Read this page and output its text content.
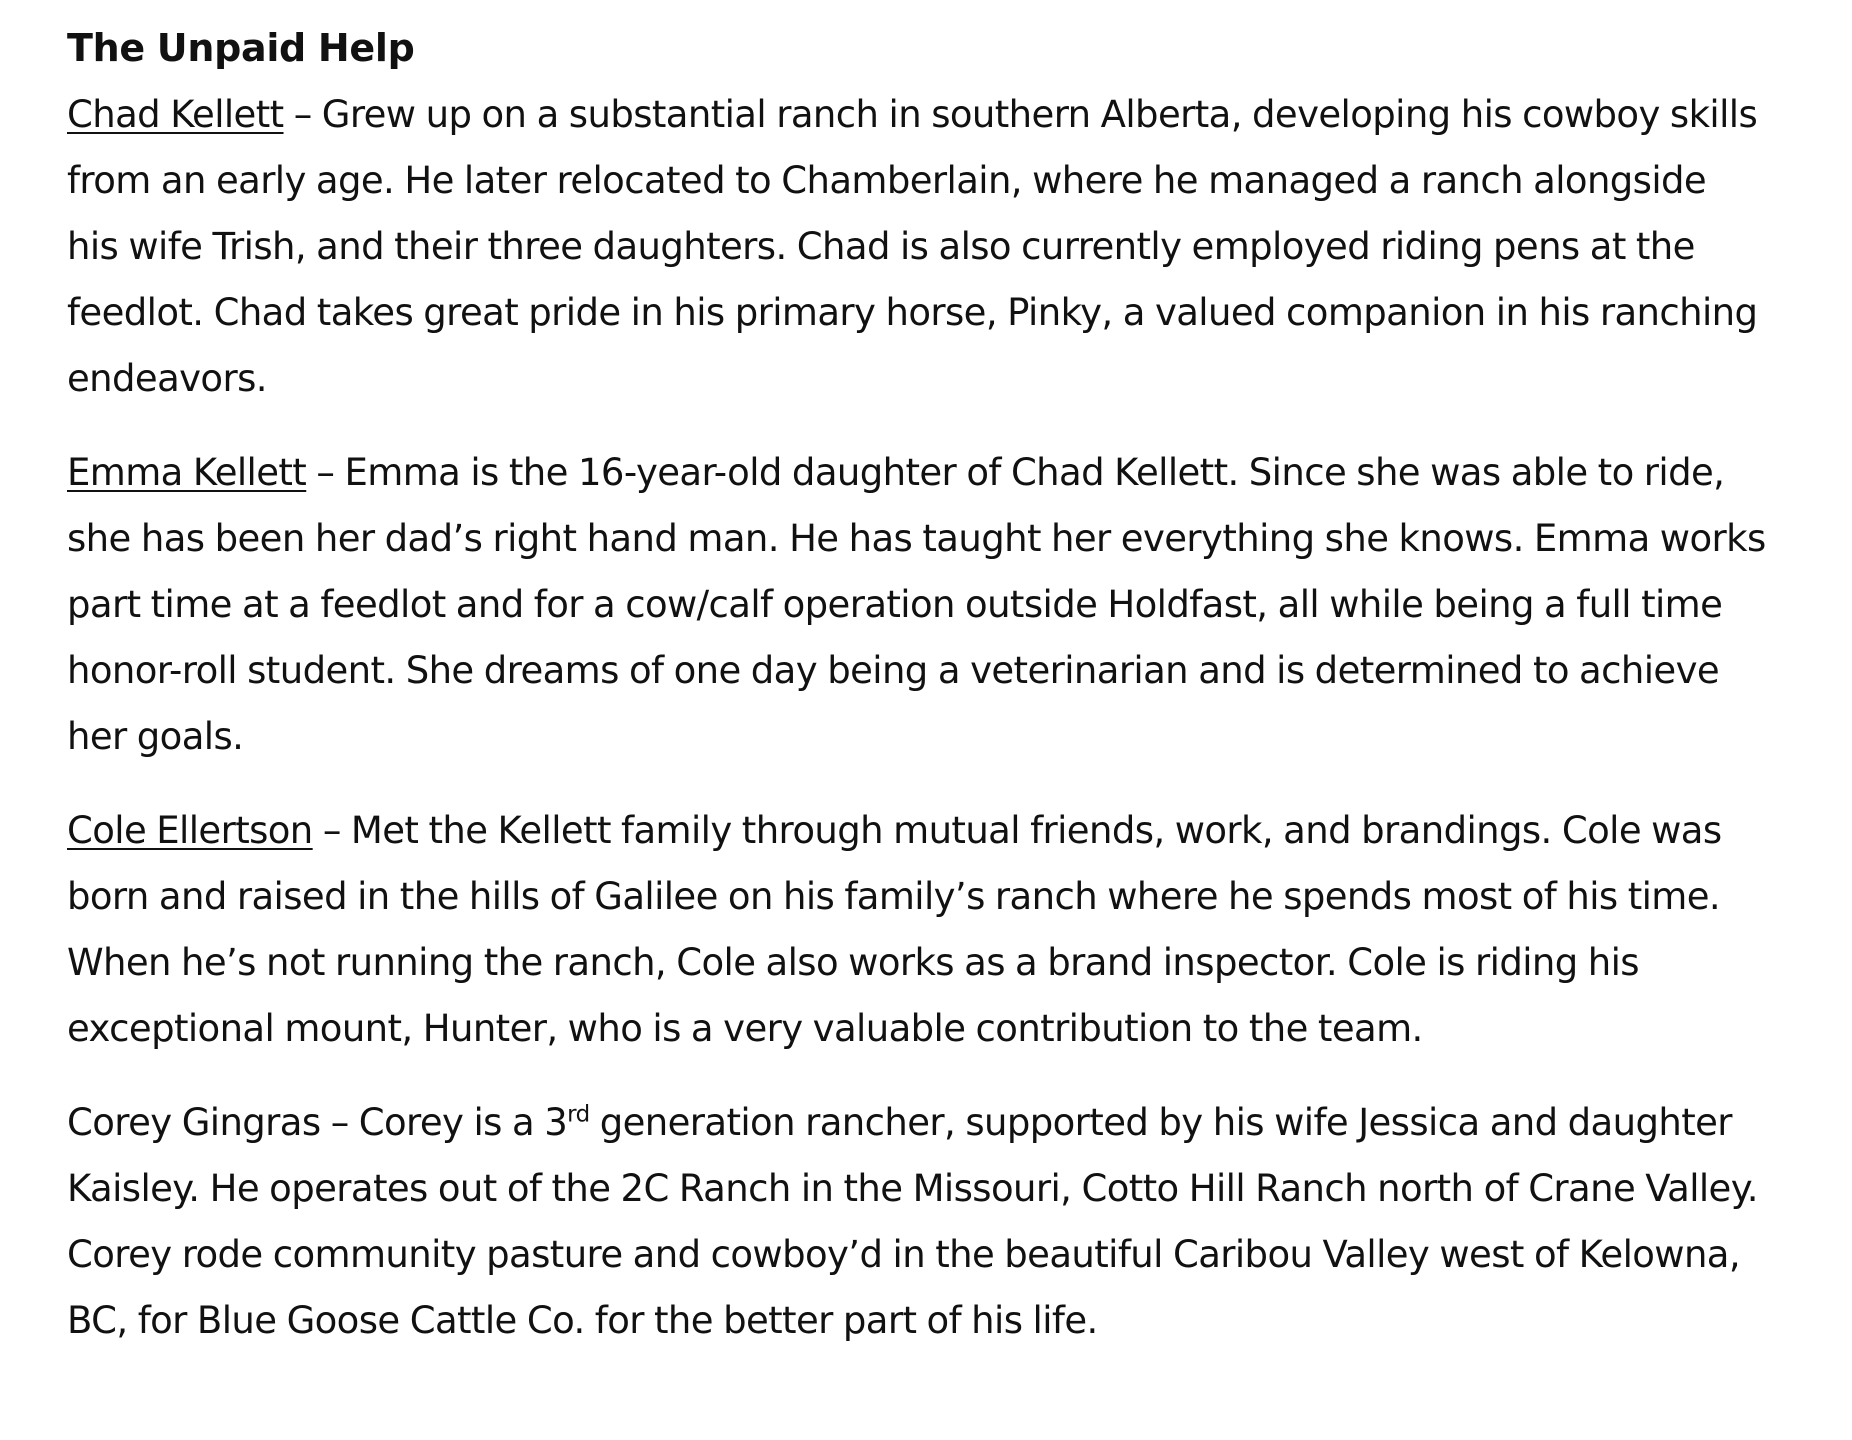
The Unpaid Help

Chad Kellett – Grew up on a substantial ranch in southern Alberta, developing his cowboy skills from an early age. He later relocated to Chamberlain, where he managed a ranch alongside his wife Trish, and their three daughters. Chad is also currently employed riding pens at the feedlot. Chad takes great pride in his primary horse, Pinky, a valued companion in his ranching endeavors.

Emma Kellett – Emma is the 16-year-old daughter of Chad Kellett. Since she was able to ride, she has been her dad’s right hand man. He has taught her everything she knows. Emma works part time at a feedlot and for a cow/calf operation outside Holdfast, all while being a full time honor-roll student. She dreams of one day being a veterinarian and is determined to achieve her goals.

Cole Ellertson – Met the Kellett family through mutual friends, work, and brandings. Cole was born and raised in the hills of Galilee on his family’s ranch where he spends most of his time. When he’s not running the ranch, Cole also works as a brand inspector. Cole is riding his exceptional mount, Hunter, who is a very valuable contribution to the team.

Corey Gingras – Corey is a 3rd generation rancher, supported by his wife Jessica and daughter Kaisley. He operates out of the 2C Ranch in the Missouri, Cotto Hill Ranch north of Crane Valley. Corey rode community pasture and cowboy’d in the beautiful Caribou Valley west of Kelowna, BC, for Blue Goose Cattle Co. for the better part of his life.
